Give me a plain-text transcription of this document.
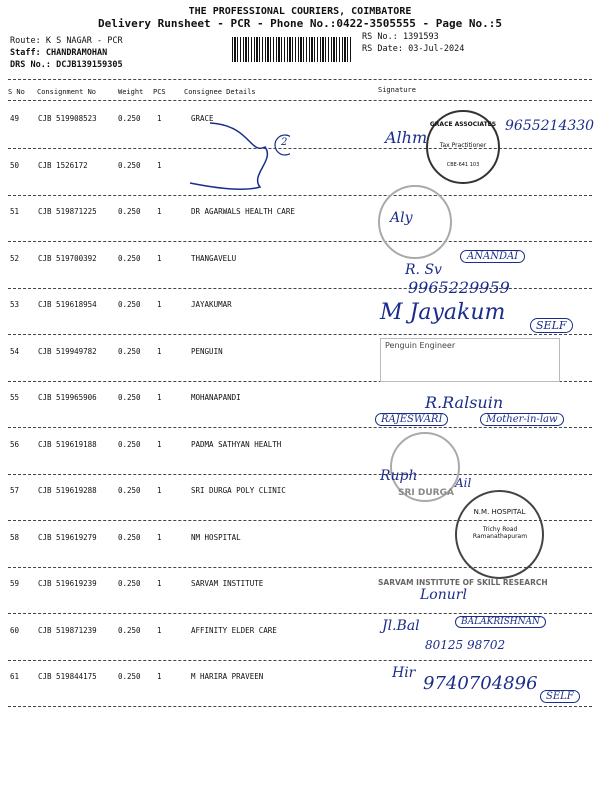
THE PROFESSIONAL COURIERS, COIMBATORE
Delivery Runsheet - PCR - Phone No.:0422-3505555 - Page No.:5
Route: K S NAGAR - PCR
Staff: CHANDRAMOHAN
DRS No.: DCJB139159305
RS No.: 1391593
RS Date: 03-Jul-2024
S No Consignment No	Weight PCS	Consignee Details	Signature
49	CJB 519908523	0.250 1	GRACE
50	CJB 1526172	0.250 1
51	CJB 519871225	0.250 1	DR AGARWALS HEALTH CARE
52	CJB 519700392	0.250 1	THANGAVELU
53	CJB 519618954	0.250 1	JAYAKUMAR
54	CJB 519949782	0.250 1	PENGUIN
55	CJB 519965906	0.250 1	MOHANAPANDI
56	CJB 519619188	0.250 1	PADMA SATHYAN HEALTH
57	CJB 519619288	0.250 1	SRI DURGA POLY CLINIC
58	CJB 519619279	0.250 1	NM HOSPITAL
59	CJB 519619239	0.250 1	SARVAM INSTITUTE
60	CJB 519871239	0.250 1	AFFINITY ELDER CARE
61	CJB 519844175	0.250 1	M HARIRA PRAVEEN
2	Alhm
GRACE ASSOCIATES
Tax Practitioner
CBE-641 103
9655214330
Aly
R. Sv
ANANDAI
9965229959
M Jayakum
SELF
Penguin Engineer
R.Ralsuin
RAJESWARI	Mother-in-law
Ruph
SRI DURGA
Ail
N.M. HOSPITAL
Trichy Road Ramanathapuram
SARVAM INSTITUTE OF SKILL RESEARCH
Lonurl
Jl.Bal	BALAKRISHNAN
80125 98702
Hir 9740704896
SELF
